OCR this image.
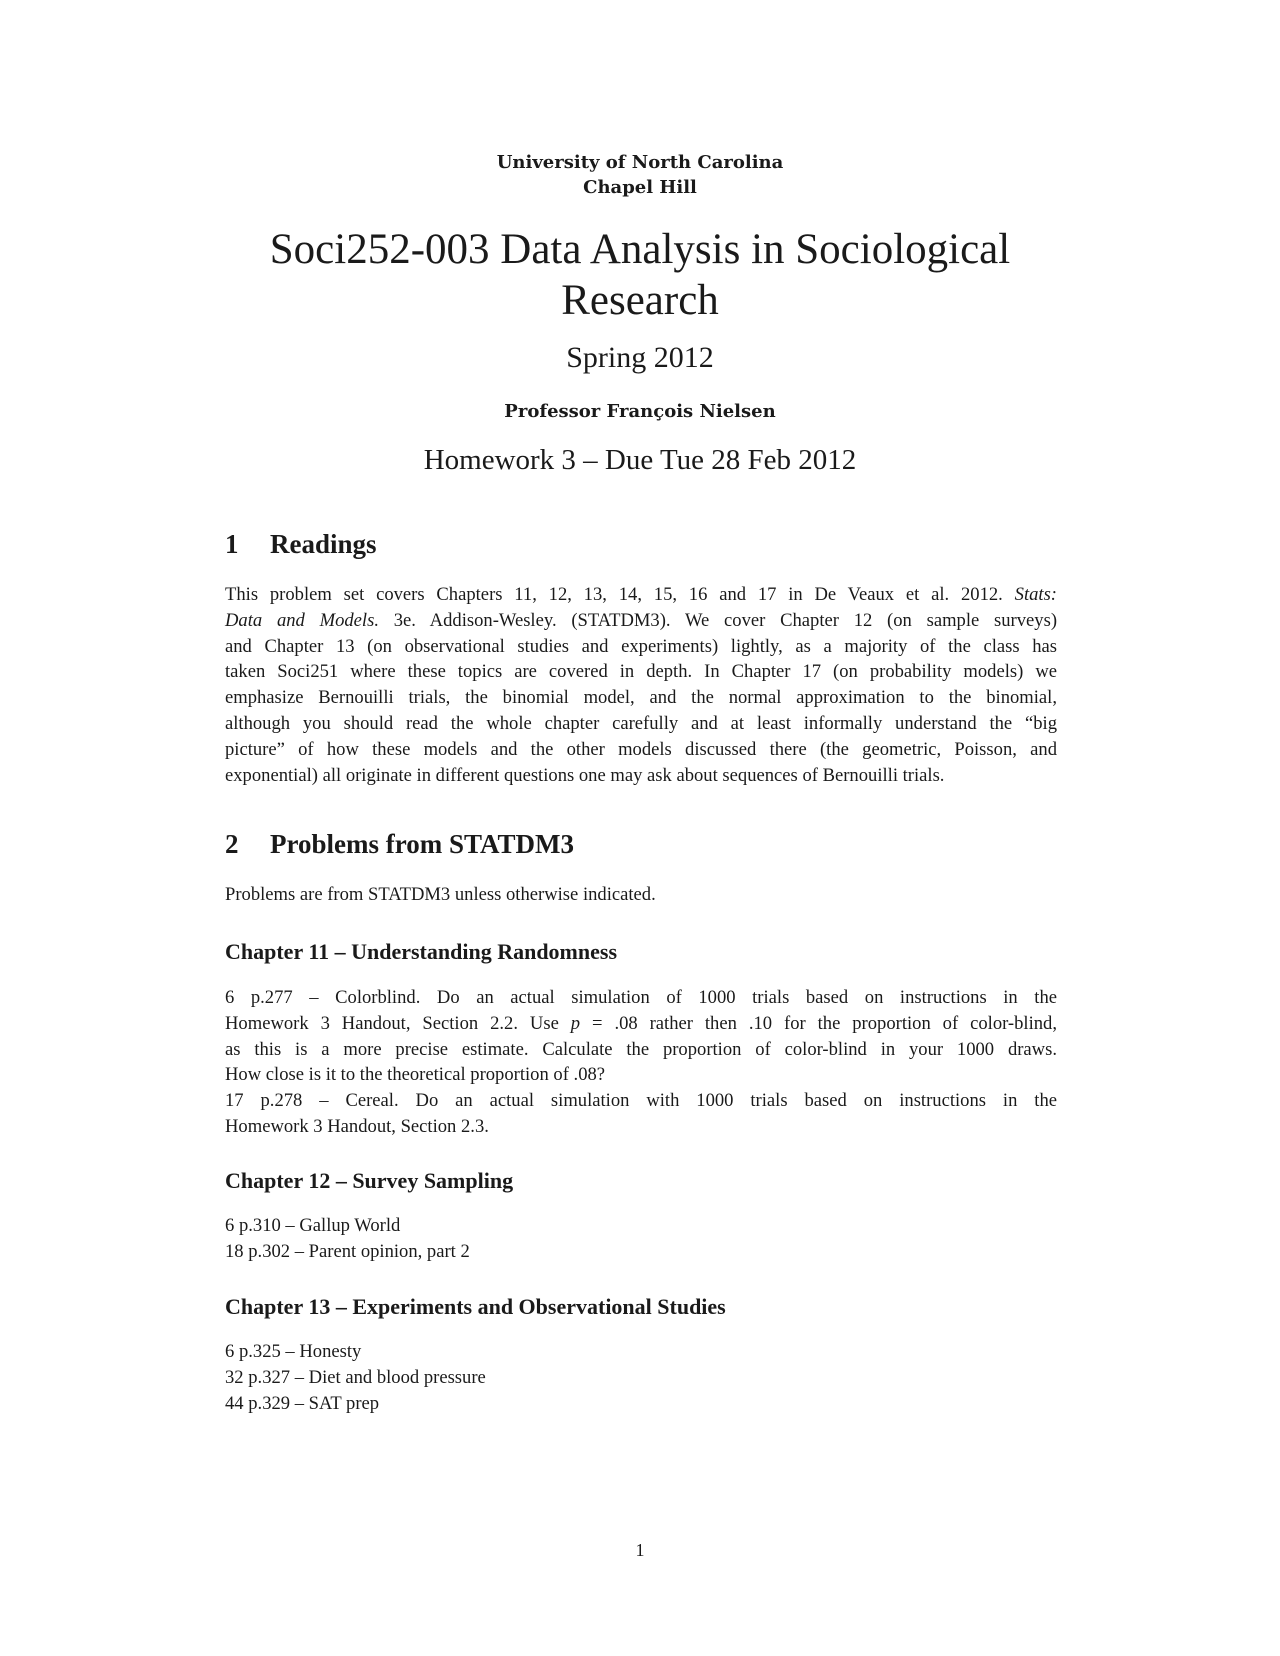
University of North Carolina
Chapel Hill
Soci252-003 Data Analysis in Sociological
Research
Spring 2012
Professor François Nielsen
Homework 3 – Due Tue 28 Feb 2012
1 Readings
This problem set covers Chapters 11, 12, 13, 14, 15, 16 and 17 in De Veaux et al. 2012. Stats:
Data and Models. 3e. Addison-Wesley. (STATDM3). We cover Chapter 12 (on sample surveys)
and Chapter 13 (on observational studies and experiments) lightly, as a majority of the class has
taken Soci251 where these topics are covered in depth. In Chapter 17 (on probability models) we
emphasize Bernouilli trials, the binomial model, and the normal approximation to the binomial,
although you should read the whole chapter carefully and at least informally understand the “big
picture” of how these models and the other models discussed there (the geometric, Poisson, and
exponential) all originate in different questions one may ask about sequences of Bernouilli trials.
2 Problems from STATDM3
Problems are from STATDM3 unless otherwise indicated.
Chapter 11 – Understanding Randomness
6 p.277 – Colorblind. Do an actual simulation of 1000 trials based on instructions in the
Homework 3 Handout, Section 2.2. Use p = .08 rather then .10 for the proportion of color-blind,
as this is a more precise estimate. Calculate the proportion of color-blind in your 1000 draws.
How close is it to the theoretical proportion of .08?
17 p.278 – Cereal. Do an actual simulation with 1000 trials based on instructions in the
Homework 3 Handout, Section 2.3.
Chapter 12 – Survey Sampling
6 p.310 – Gallup World
18 p.302 – Parent opinion, part 2
Chapter 13 – Experiments and Observational Studies
6 p.325 – Honesty
32 p.327 – Diet and blood pressure
44 p.329 – SAT prep
1
